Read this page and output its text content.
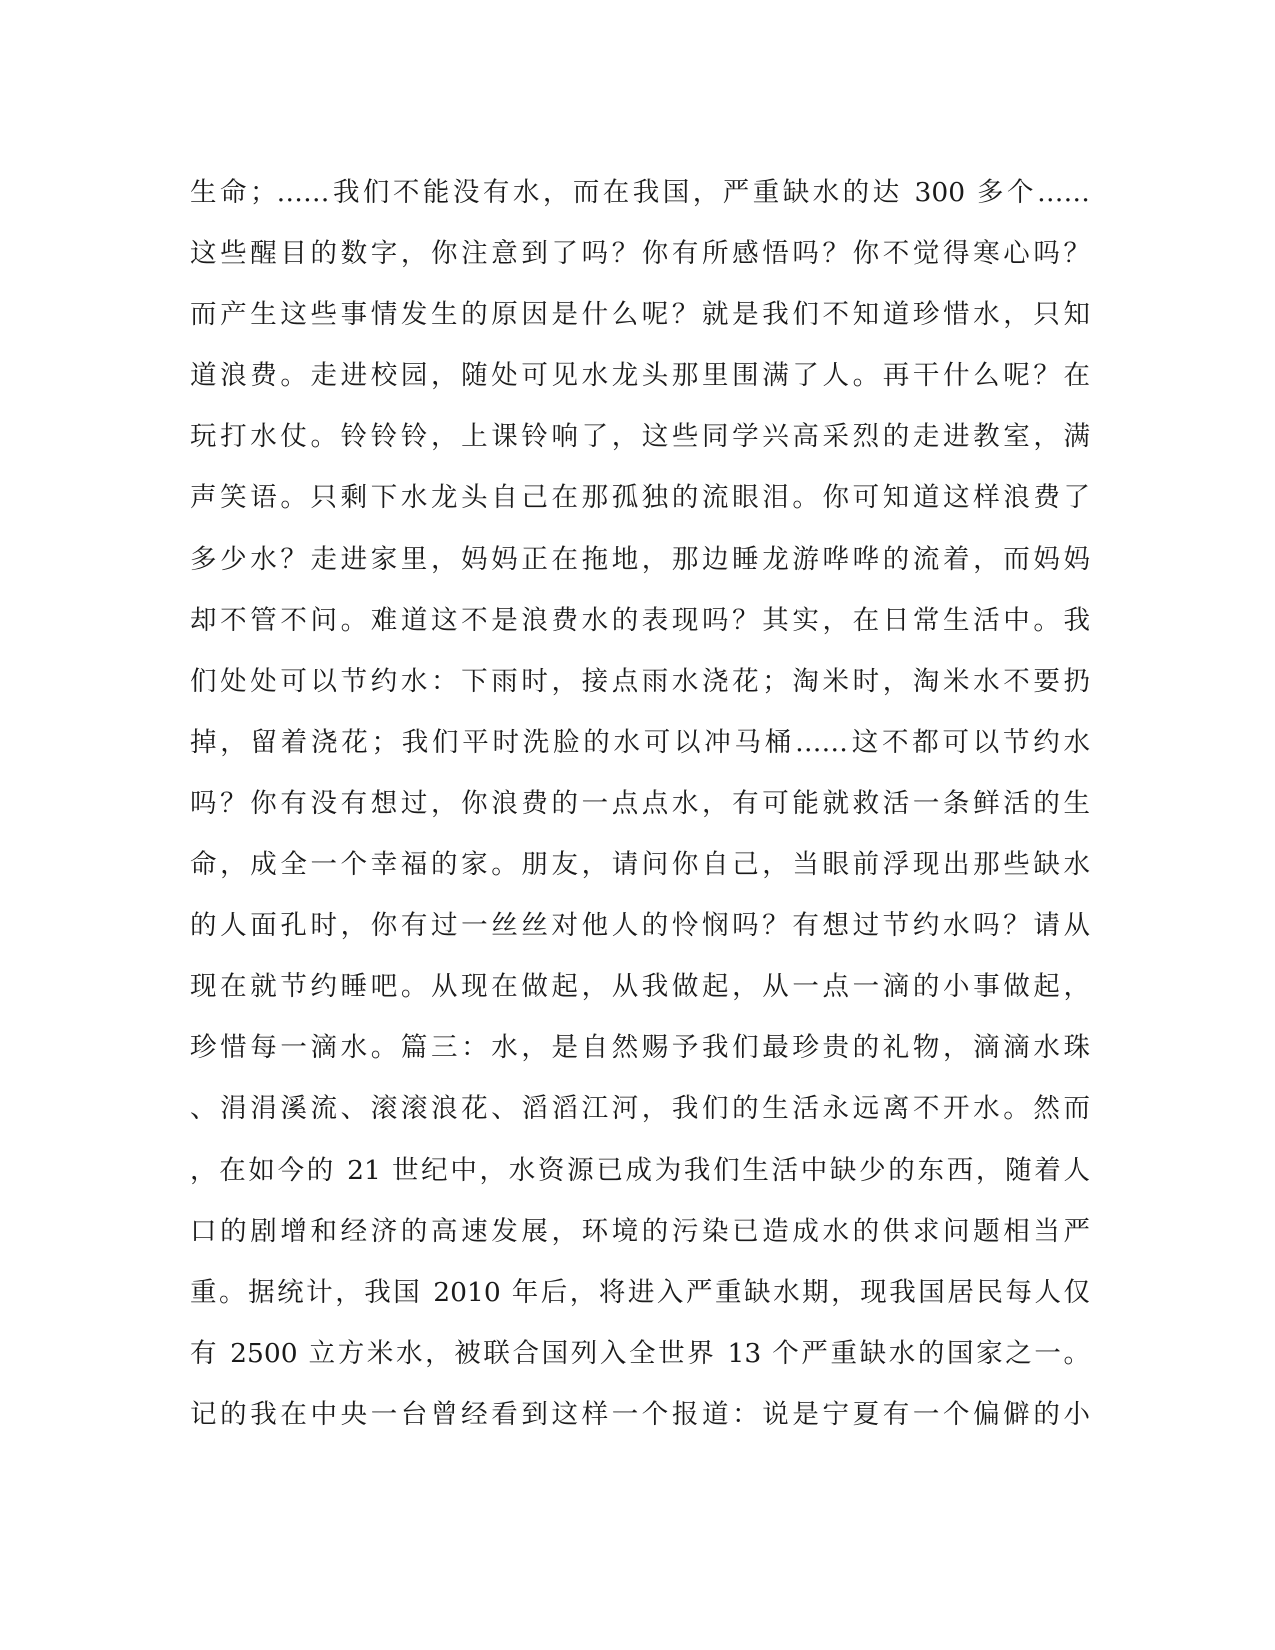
生命；……我们不能没有水，而在我国，严重缺水的达 300 多个……
这些醒目的数字，你注意到了吗？你有所感悟吗？你不觉得寒心吗？
而产生这些事情发生的原因是什么呢？就是我们不知道珍惜水，只知
道浪费。走进校园，随处可见水龙头那里围满了人。再干什么呢？在
玩打水仗。铃铃铃，上课铃响了，这些同学兴高采烈的走进教室，满
声笑语。只剩下水龙头自己在那孤独的流眼泪。你可知道这样浪费了
多少水？走进家里，妈妈正在拖地，那边睡龙游哗哗的流着，而妈妈
却不管不问。难道这不是浪费水的表现吗？其实，在日常生活中。我
们处处可以节约水：下雨时，接点雨水浇花；淘米时，淘米水不要扔
掉，留着浇花；我们平时洗脸的水可以冲马桶……这不都可以节约水
吗？你有没有想过，你浪费的一点点水，有可能就救活一条鲜活的生
命，成全一个幸福的家。朋友，请问你自己，当眼前浮现出那些缺水
的人面孔时，你有过一丝丝对他人的怜悯吗？有想过节约水吗？请从
现在就节约睡吧。从现在做起，从我做起，从一点一滴的小事做起，
珍惜每一滴水。篇三：水，是自然赐予我们最珍贵的礼物，滴滴水珠
、涓涓溪流、滚滚浪花、滔滔江河，我们的生活永远离不开水。然而
，在如今的 21 世纪中，水资源已成为我们生活中缺少的东西，随着人
口的剧增和经济的高速发展，环境的污染已造成水的供求问题相当严
重。据统计，我国 2010 年后，将进入严重缺水期，现我国居民每人仅
有 2500 立方米水，被联合国列入全世界 13 个严重缺水的国家之一。
记的我在中央一台曾经看到这样一个报道：说是宁夏有一个偏僻的小
